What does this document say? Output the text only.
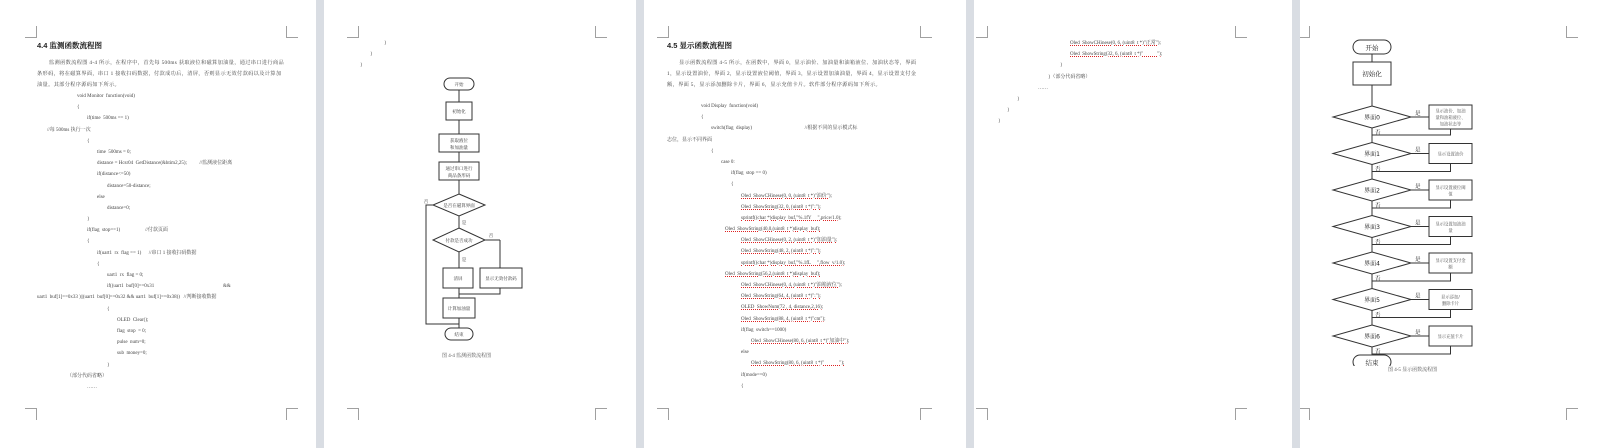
4.4 监测函数流程图
监测函数流程图 4-4 所示，在程序中，首先每 500ms 获取液位和磁算加油量，通过串口进行商品条形码，将在磁算界面，串口 1 接收扫码数据，付款成功后，清屏，否则显示无效付款码以及计算加油量。其部分程序源码如下所示。
void Monitor  function(void)
{
if(time  500ms == 1)
//每 500ms 执行一次
{
time  500ms = 0;
distance = Hcsr04  GetDistance(&htim2,25);          //监测液位距离
if(distance<=50)
distance=50-distance;
else
distance=0;
}
if(flag  stop==1)                    //付款页面
{
if(uart1  rx  flag == 1)      //串口 1 接收扫码数据
{
uart1  rx  flag = 0;
if((uart1  buf[0]==0x31                                                       &&
uart1  buf[1]==0x33 )||(uart1  buf[0]==0x32 && uart1  buf[1]==0x38))   //判断接收数据
{
OLED  Clear();
flag  stop  = 0;
pulse  num=0;
sub  money=0;
}
（部分代码省略）
……
}
}
}
开始
初始化
获取液位
和加油量
通过串口进行
商品条形码
是否在磁算界面
付款是否成功
清屏	显示无效付款码
计算加油量
结束
否
是
否
是
图 4-4 监测函数流程图
4.5 显示函数流程图
显示函数流程图 4-5 所示，在函数中，界面 0，显示油价、加油量和油箱液位、加油状态等，界面 1，显示设置油价，界面 2，显示设置液位阈值，界面 3，显示设置加油油量，界面 4，显示设置支付金额，界面 5，显示添加删除卡片，界面 6，显示充值卡片。软件部分程序源码如下所示。
void Display  function(void)
{
switch(flag  display)                                          //根据不同的显示模式标
志位，显示不同界面
{
case 0:
if(flag  stop == 0)
{
Oled  ShowCHinese(0, 0, (uint8  t *)"油价");
Oled  ShowString(32, 0, (uint8  t *)":");
sprintf((char *)display  buf,"%.1fY     ",price/1.0);
Oled  ShowString(40,0,(uint8  t *)display  buf);
Oled  ShowCHinese(0, 2, (uint8  t *)"加油量");
Oled  ShowString(48, 2, (uint8  t *)":");
sprintf((char *)display  buf,"%.1fL     ",flow  v/1.0);
Oled  ShowString(56,2,(uint8  t *)display  buf);
Oled  ShowCHinese(0, 4, (uint8  t *)"油箱液位");
Oled  ShowString(64, 4, (uint8  t *)":");
OLED  ShowNum(72 , 4, distance,2,16);
Oled  ShowString(88, 4, (uint8  t *)"cm");
if(flag  switch==1000)
Oled  ShowCHinese(80, 6, (uint8  t *)"加油中");
else
Oled  ShowString(80, 6, (uint8  t *)"            ");
if(mode==0)
{
Oled  ShowCHinese(0, 6, (uint8  t *)"正常");
Oled  ShowString(32, 6, (uint8  t *)"           ");
}
}（部分代码省略）
……
}
}
}
开始
初始化
界面0
是	显示油价、加油
量和油箱液位、
加油状态等
否
界面1
是
显示设置油价
否
界面2
是	显示设置液位阈
值
否
界面3
是	显示设置加油油
量
否
界面4
是	显示设置支付金
额
否
界面5
是	显示添加/
删除卡片
否
界面6
是
显示充值卡片
否
结束
图 4-5 显示函数流程图
